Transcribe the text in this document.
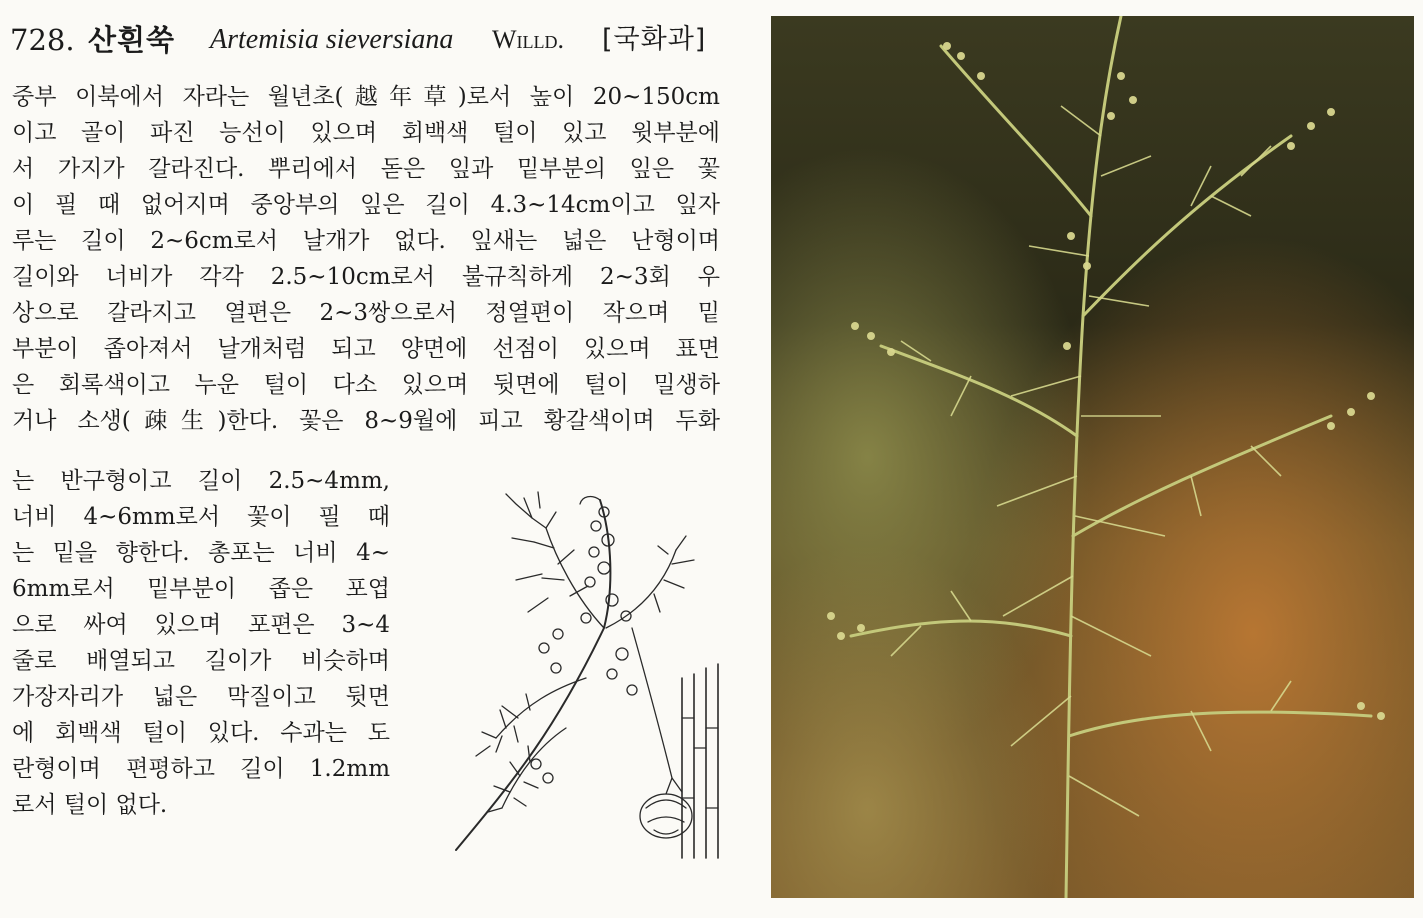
728. 산흰쑥 Artemisia sieversiana Willd. [국화과]
중부 이북에서 자라는 월년초(越年草)로서 높이 20~150cm
이고 골이 파진 능선이 있으며 회백색 털이 있고 윗부분에
서 가지가 갈라진다. 뿌리에서 돋은 잎과 밑부분의 잎은 꽃
이 필 때 없어지며 중앙부의 잎은 길이 4.3~14cm이고 잎자
루는 길이 2~6cm로서 날개가 없다. 잎새는 넓은 난형이며
길이와 너비가 각각 2.5~10cm로서 불규칙하게 2~3회 우
상으로 갈라지고 열편은 2~3쌍으로서 정열편이 작으며 밑
부분이 좁아져서 날개처럼 되고 양면에 선점이 있으며 표면
은 회록색이고 누운 털이 다소 있으며 뒷면에 털이 밀생하
거나 소생(疎生)한다. 꽃은 8~9월에 피고 황갈색이며 두화
는 반구형이고 길이 2.5~4mm,
너비 4~6mm로서 꽃이 필 때
는 밑을 향한다. 총포는 너비 4~
6mm로서 밑부분이 좁은 포엽
으로 싸여 있으며 포편은 3~4
줄로 배열되고 길이가 비슷하며
가장자리가 넓은 막질이고 뒷면
에 회백색 털이 있다. 수과는 도
란형이며 편평하고 길이 1.2mm
로서 털이 없다.
